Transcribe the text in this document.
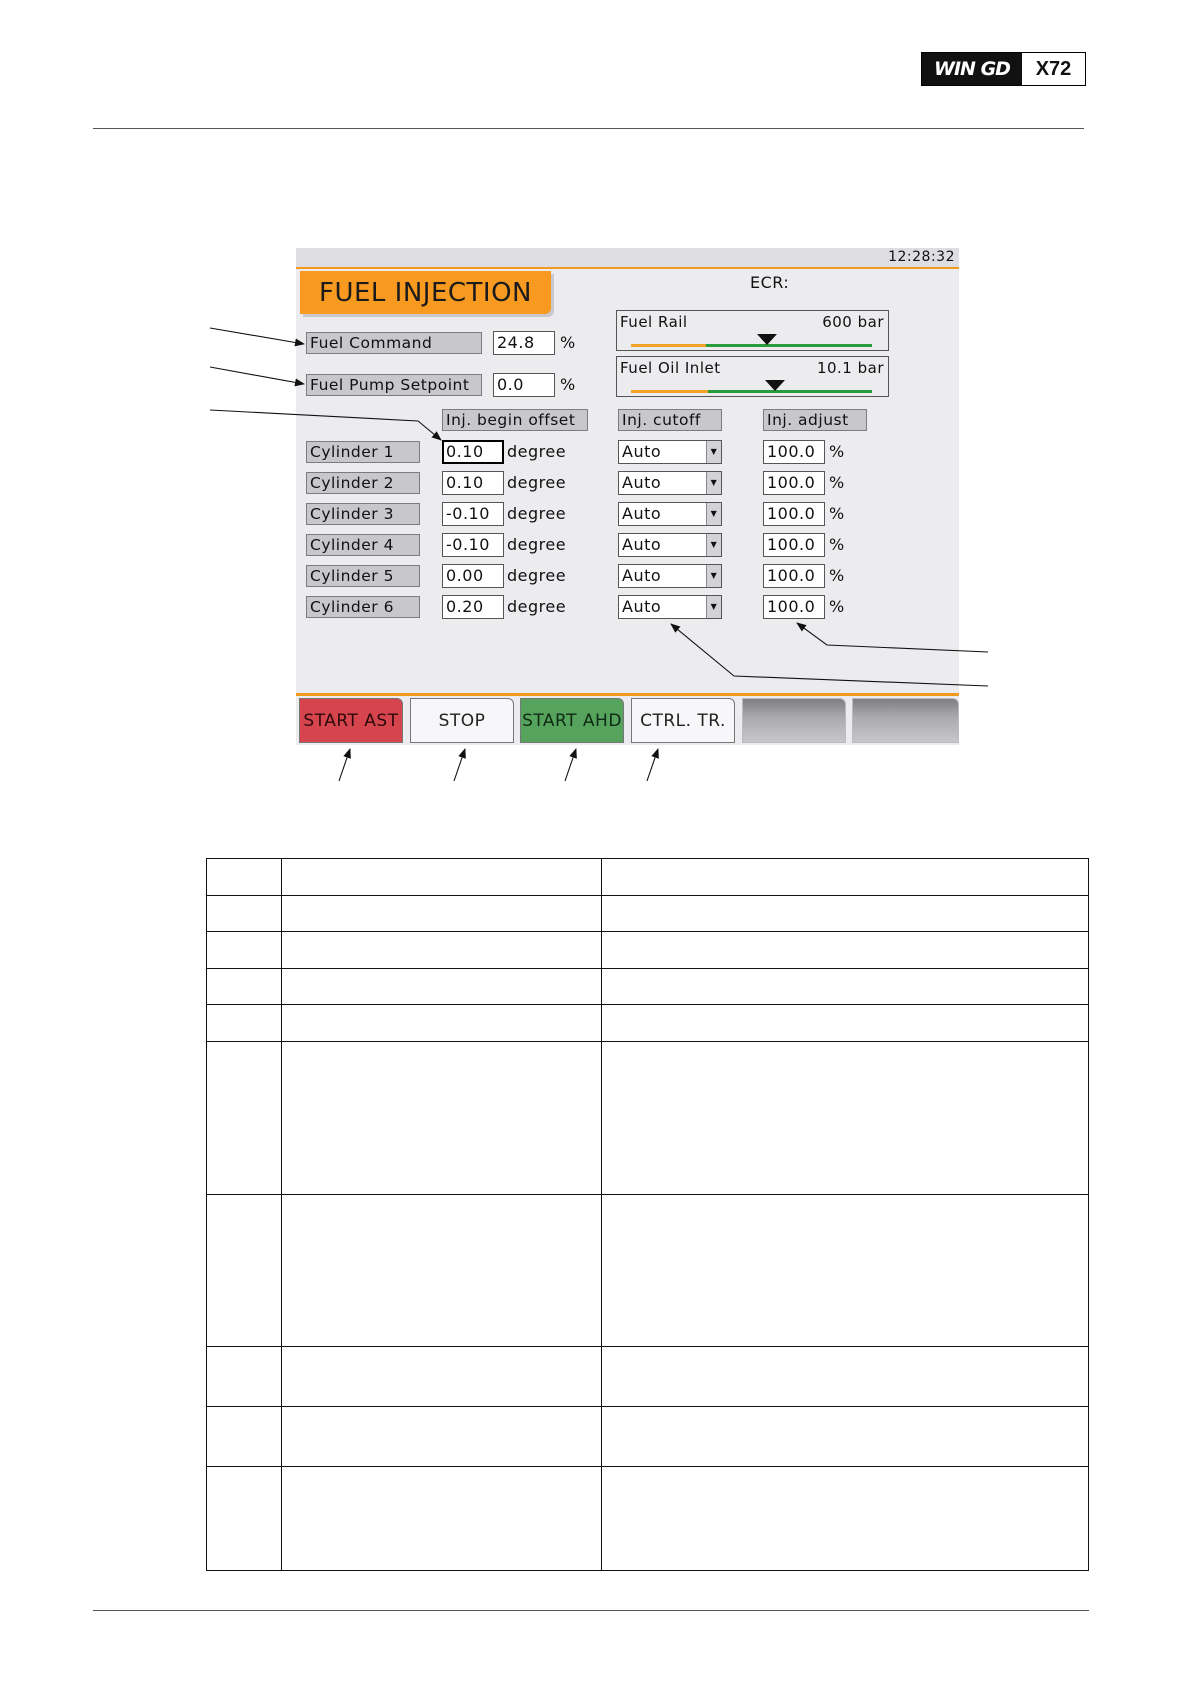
WIN GD	X72
12:28:32
FUEL INJECTION	ECR:
Fuel Rail	600 bar
Fuel Oil Inlet	10.1 bar
Fuel Command	24.8	%
Fuel Pump Setpoint	0.0	%
Inj. begin offset	Inj. cutoff	Inj. adjust
Cylinder 1	0.10	degree	Auto	▼	100.0 %
Cylinder 2	0.10	degree	Auto	▼	100.0 %
Cylinder 3	-0.10	degree	Auto	▼	100.0 %
Cylinder 4	-0.10	degree	Auto	▼	100.0 %
Cylinder 5	0.00	degree	Auto	▼	100.0 %
Cylinder 6	0.20	degree	Auto	▼	100.0 %
START AST	STOP	START AHD	CTRL. TR.
